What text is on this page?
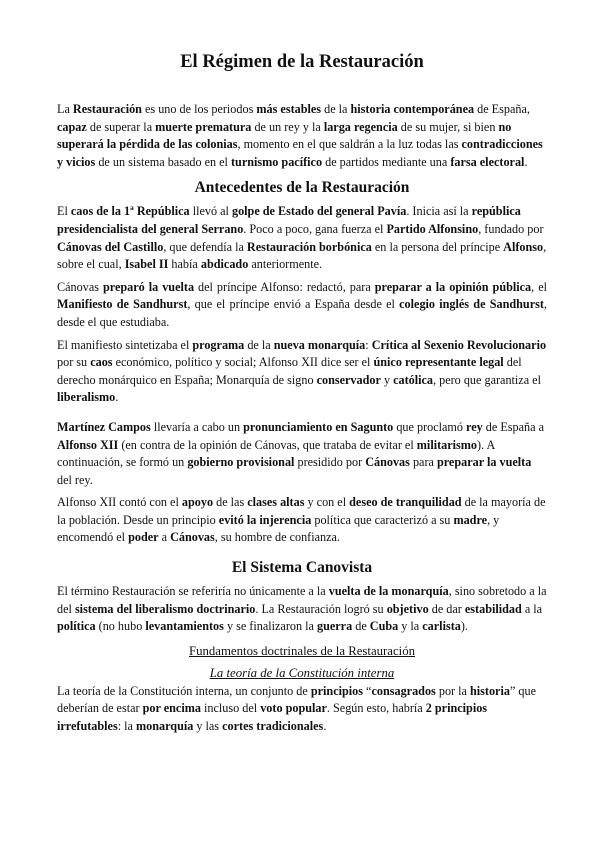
El Régimen de la Restauración

La Restauración es uno de los periodos más estables de la historia contemporánea de España, capaz de superar la muerte prematura de un rey y la larga regencia de su mujer, si bien no superará la pérdida de las colonias, momento en el que saldrán a la luz todas las contradicciones y vicios de un sistema basado en el turnismo pacífico de partidos mediante una farsa electoral.

Antecedentes de la Restauración

El caos de la 1ª República llevó al golpe de Estado del general Pavía. Inicia así la república presidencialista del general Serrano. Poco a poco, gana fuerza el Partido Alfonsino, fundado por Cánovas del Castillo, que defendía la Restauración borbónica en la persona del príncipe Alfonso, sobre el cual, Isabel II había abdicado anteriormente.

Cánovas preparó la vuelta del príncipe Alfonso: redactó, para preparar a la opinión pública, el Manifiesto de Sandhurst, que el príncipe envió a España desde el colegio inglés de Sandhurst, desde el que estudiaba.

El manifiesto sintetizaba el programa de la nueva monarquía: Crítica al Sexenio Revolucionario por su caos económico, político y social; Alfonso XII dice ser el único representante legal del derecho monárquico en España; Monarquía de signo conservador y católica, pero que garantiza el liberalismo.

Martínez Campos llevaría a cabo un pronunciamiento en Sagunto que proclamó rey de España a Alfonso XII (en contra de la opinión de Cánovas, que trataba de evitar el militarismo). A continuación, se formó un gobierno provisional presidido por Cánovas para preparar la vuelta del rey.

Alfonso XII contó con el apoyo de las clases altas y con el deseo de tranquilidad de la mayoría de la población. Desde un principio evitó la injerencia política que caracterizó a su madre, y encomendó el poder a Cánovas, su hombre de confianza.

El Sistema Canovista

El término Restauración se referiría no únicamente a la vuelta de la monarquía, sino sobretodo a la del sistema del liberalismo doctrinario. La Restauración logró su objetivo de dar estabilidad a la política (no hubo levantamientos y se finalizaron la guerra de Cuba y la carlista).

Fundamentos doctrinales de la Restauración
La teoría de la Constitución interna

La teoría de la Constitución interna, un conjunto de principios “consagrados por la historia” que deberían de estar por encima incluso del voto popular. Según esto, habría 2 principios irrefutables: la monarquía y las cortes tradicionales.
